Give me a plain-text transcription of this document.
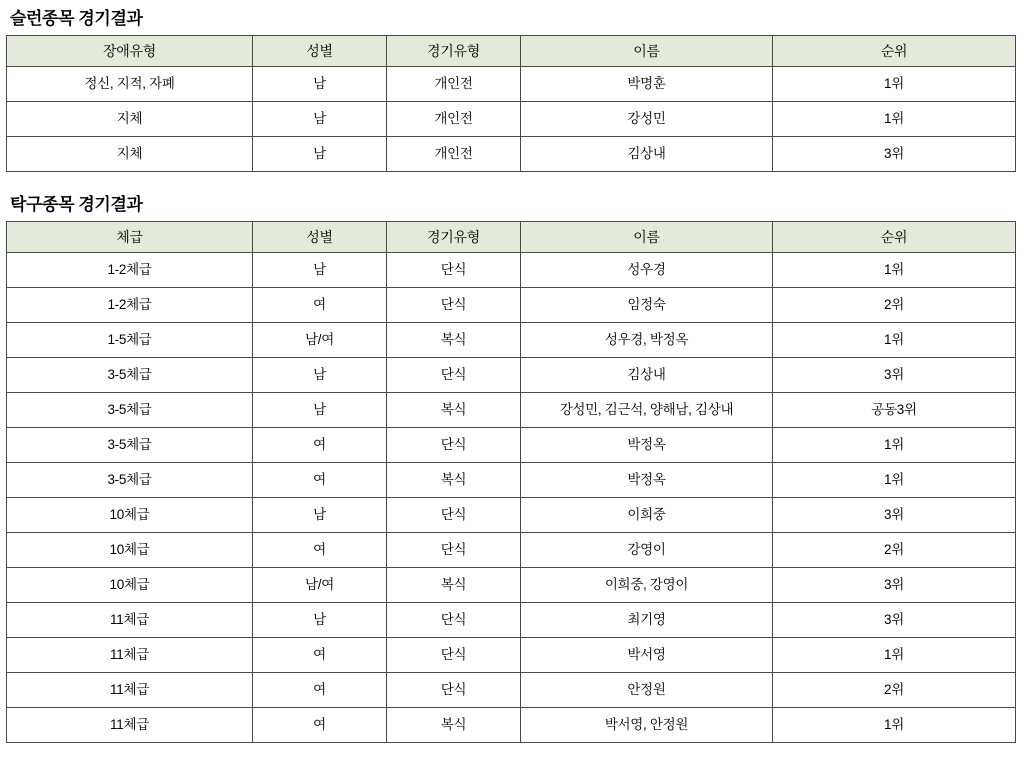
슬런종목 경기결과
장애유형	성별	경기유형	이름	순위
정신, 지적, 자폐	남	개인전	박명훈	1위
지체	남	개인전	강성민	1위
지체	남	개인전	김상내	3위
탁구종목 경기결과
체급	성별	경기유형	이름	순위
1-2체급	남	단식	성우경	1위
1-2체급	여	단식	임정숙	2위
1-5체급	남/여	복식	성우경, 박정옥	1위
3-5체급	남	단식	김상내	3위
3-5체급	남	복식	강성민, 김근석, 양해남, 김상내	공동3위
3-5체급	여	단식	박정옥	1위
3-5체급	여	복식	박정옥	1위
10체급	남	단식	이희중	3위
10체급	여	단식	강영이	2위
10체급	남/여	복식	이희중, 강영이	3위
11체급	남	단식	최기영	3위
11체급	여	단식	박서영	1위
11체급	여	단식	안정원	2위
11체급	여	복식	박서영, 안정원	1위
